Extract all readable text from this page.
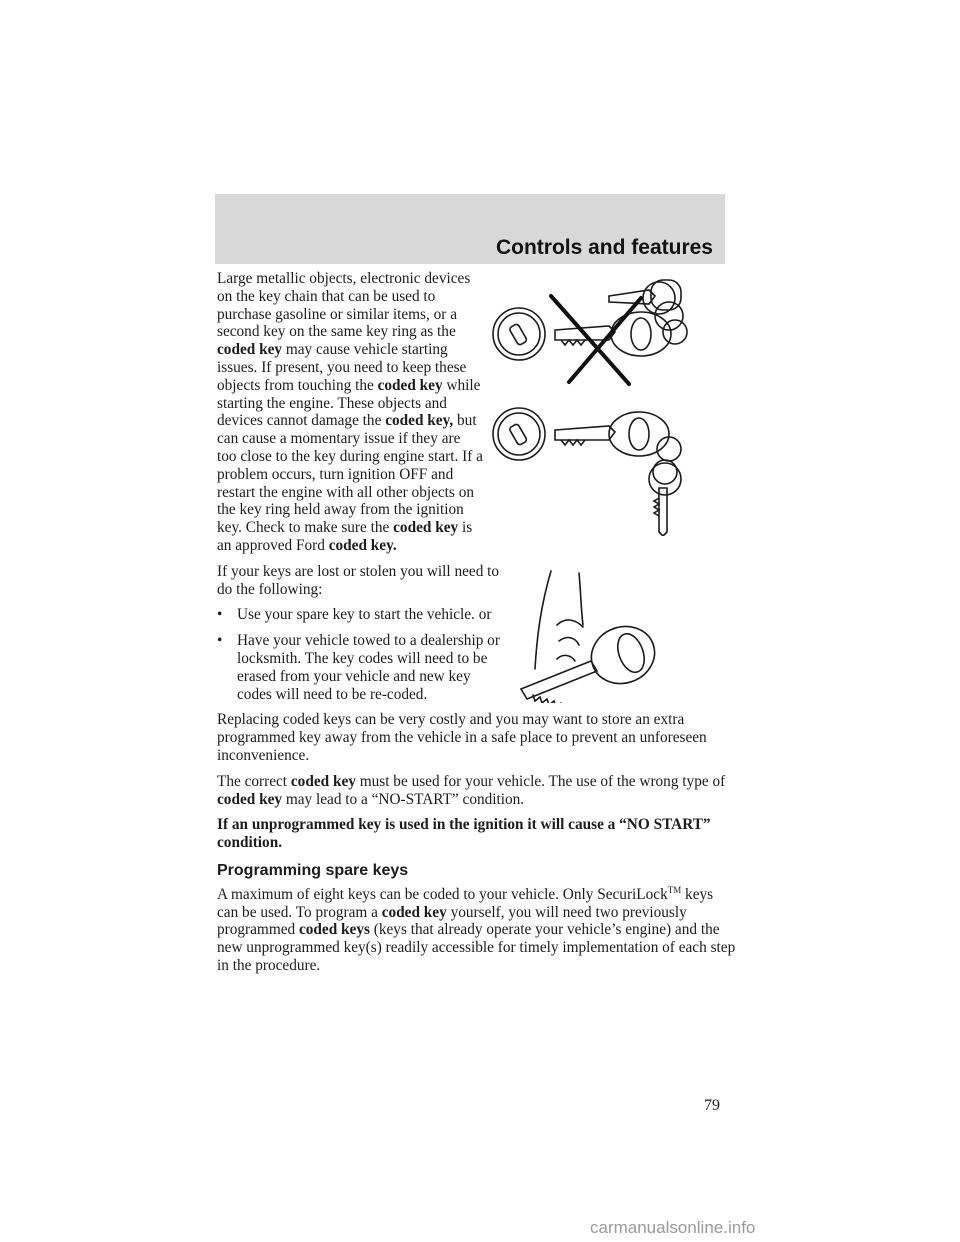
Controls and features

Large metallic objects, electronic devices on the key chain that can be used to purchase gasoline or similar items, or a second key on the same key ring as the coded key may cause vehicle starting issues. If present, you need to keep these objects from touching the coded key while starting the engine. These objects and devices cannot damage the coded key, but can cause a momentary issue if they are too close to the key during engine start. If a problem occurs, turn ignition OFF and restart the engine with all other objects on the key ring held away from the ignition key. Check to make sure the coded key is an approved Ford coded key.

If your keys are lost or stolen you will need to do the following:

• Use your spare key to start the vehicle. or
• Have your vehicle towed to a dealership or locksmith. The key codes will need to be erased from your vehicle and new key codes will need to be re-coded.

Replacing coded keys can be very costly and you may want to store an extra programmed key away from the vehicle in a safe place to prevent an unforeseen inconvenience.

The correct coded key must be used for your vehicle. The use of the wrong type of coded key may lead to a “NO-START” condition.

If an unprogrammed key is used in the ignition it will cause a “NO START” condition.

Programming spare keys

A maximum of eight keys can be coded to your vehicle. Only SecuriLock™ keys can be used. To program a coded key yourself, you will need two previously programmed coded keys (keys that already operate your vehicle’s engine) and the new unprogrammed key(s) readily accessible for timely implementation of each step in the procedure.

79
carmanualsonline.info
